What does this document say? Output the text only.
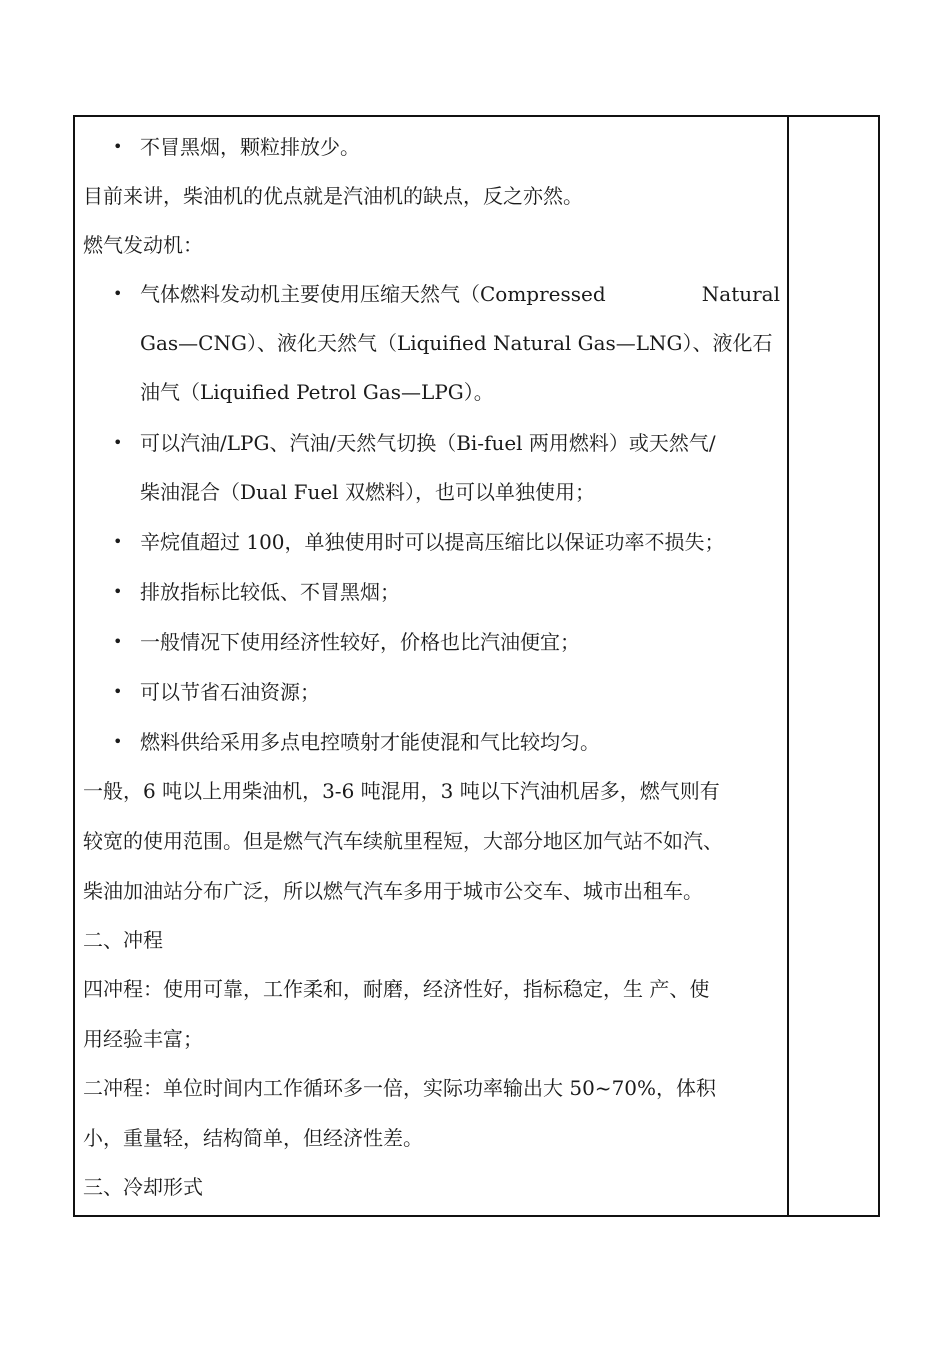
• 不冒黑烟，颗粒排放少。
目前来讲，柴油机的优点就是汽油机的缺点，反之亦然。
燃气发动机：
• 气体燃料发动机主要使用压缩天然气（Compressed	Natural
Gas—CNG）、液化天然气（Liquified Natural Gas—LNG）、液化石
油气（Liquified Petrol Gas—LPG）。
• 可以汽油/LPG、汽油/天然气切换（Bi-fuel 两用燃料）或天然气/
柴油混合（Dual Fuel 双燃料），也可以单独使用；
• 辛烷值超过 100，单独使用时可以提高压缩比以保证功率不损失；
• 排放指标比较低、不冒黑烟；
• 一般情况下使用经济性较好，价格也比汽油便宜；
• 可以节省石油资源；
• 燃料供给采用多点电控喷射才能使混和气比较均匀。
一般，6 吨以上用柴油机，3-6 吨混用，3 吨以下汽油机居多，燃气则有
较宽的使用范围。但是燃气汽车续航里程短，大部分地区加气站不如汽、
柴油加油站分布广泛，所以燃气汽车多用于城市公交车、城市出租车。
二、冲程
四冲程：使用可靠，工作柔和，耐磨，经济性好，指标稳定，生 产、使
用经验丰富；
二冲程：单位时间内工作循环多一倍，实际功率输出大 50~70%，体积
小，重量轻，结构简单，但经济性差。
三、冷却形式
